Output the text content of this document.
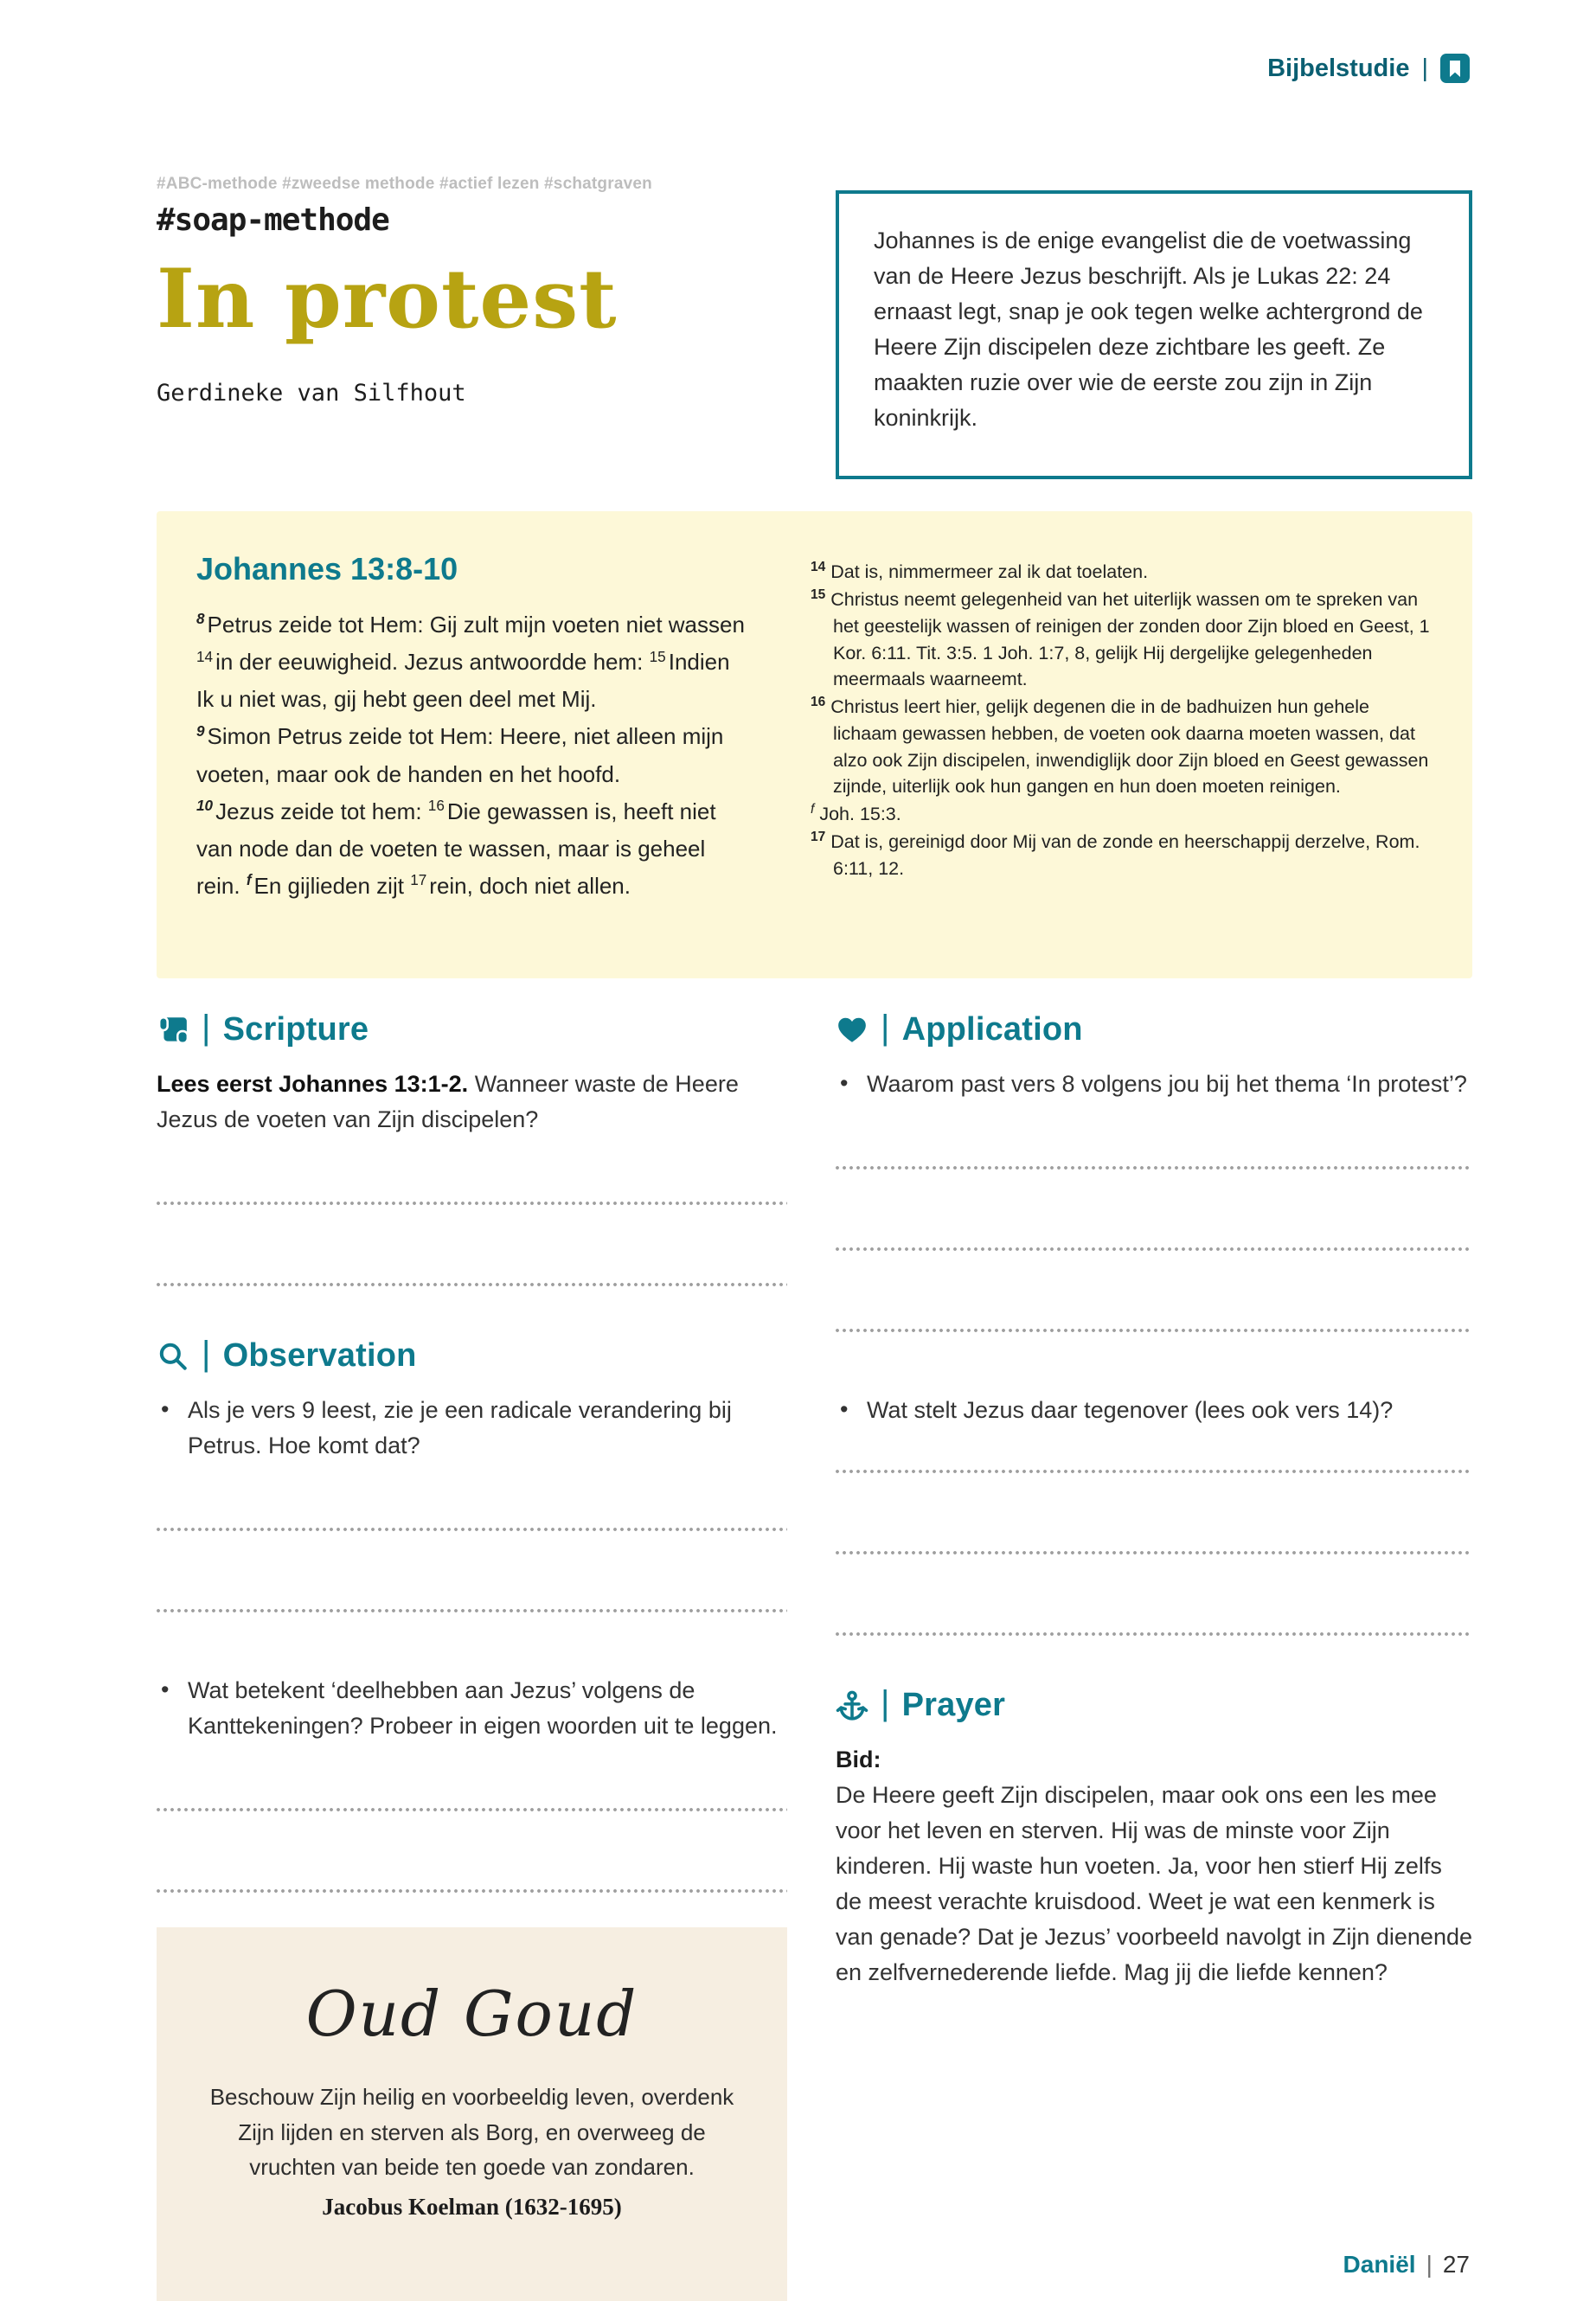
Bijbelstudie |
#ABC-methode #zweedse methode #actief lezen #schatgraven
#soap-methode
In protest
Gerdineke van Silfhout
Johannes is de enige evangelist die de voetwassing van de Heere Jezus beschrijft. Als je Lukas 22: 24 ernaast legt, snap je ook tegen welke achtergrond de Heere Zijn discipelen deze zichtbare les geeft. Ze maakten ruzie over wie de eerste zou zijn in Zijn koninkrijk.
Johannes 13:8-10

$^8$ Petrus zeide tot Hem: Gij zult mijn voeten niet wassen $^{14}$ in der eeuwigheid. Jezus antwoordde hem: $^{15}$ Indien Ik u niet was, gij hebt geen deel met Mij.

$^9$ Simon Petrus zeide tot Hem: Heere, niet alleen mijn voeten, maar ook de handen en het hoofd.

$^{10}$ Jezus zeide tot hem: $^{16}$ Die gewassen is, heeft niet van node dan de voeten te wassen, maar is geheel rein. $^f$ En gijlieden zijt $^{17}$ rein, doch niet allen.

$^{14}$ Dat is, nimmermeer zal ik dat toelaten.
$^{15}$ Christus neemt gelegenheid van het uiterlijk wassen om te spreken van het geestelijk wassen of reinigen der zonden door Zijn bloed en Geest, 1 Kor. 6:11. Tit. 3:5. 1 Joh. 1:7, 8, gelijk Hij dergelijke gelegenheden meermaals waarneemt.
$^{16}$ Christus leert hier, gelijk degenen die in de badhuizen hun gehele lichaam gewassen hebben, de voeten ook daarna moeten wassen, dat alzo ook Zijn discipelen, inwendiglijk door Zijn bloed en Geest gewassen zijnde, uiterlijk ook hun gangen en hun doen moeten reinigen.
$^f$ Joh. 15:3.
$^{17}$ Dat is, gereinigd door Mij van de zonde en heerschappij derzelve, Rom. 6:11, 12.
| Scripture

Lees eerst Johannes 13:1-2. Wanneer waste de Heere Jezus de voeten van Zijn discipelen?

| Observation

• Als je vers 9 leest, zie je een radicale verandering bij Petrus. Hoe komt dat?

• Wat betekent ‘deelhebben aan Jezus’ volgens de Kanttekeningen? Probeer in eigen woorden uit te leggen.

| Application

• Waarom past vers 8 volgens jou bij het thema ‘In protest’?

• Wat stelt Jezus daar tegenover (lees ook vers 14)?

| Prayer

Bid:

De Heere geeft Zijn discipelen, maar ook ons een les mee voor het leven en sterven. Hij was de minste voor Zijn kinderen. Hij waste hun voeten. Ja, voor hen stierf Hij zelfs de meest verachte kruisdood. Weet je wat een kenmerk is van genade? Dat je Jezus’ voorbeeld navolgt in Zijn dienende en zelfvernederende liefde. Mag jij die liefde kennen?

Oud Goud

Beschouw Zijn heilig en voorbeeldig leven, overdenk Zijn lijden en sterven als Borg, en overweeg de vruchten van beide ten goede van zondaren.

Jacobus Koelman (1632-1695)
Daniël | 27
